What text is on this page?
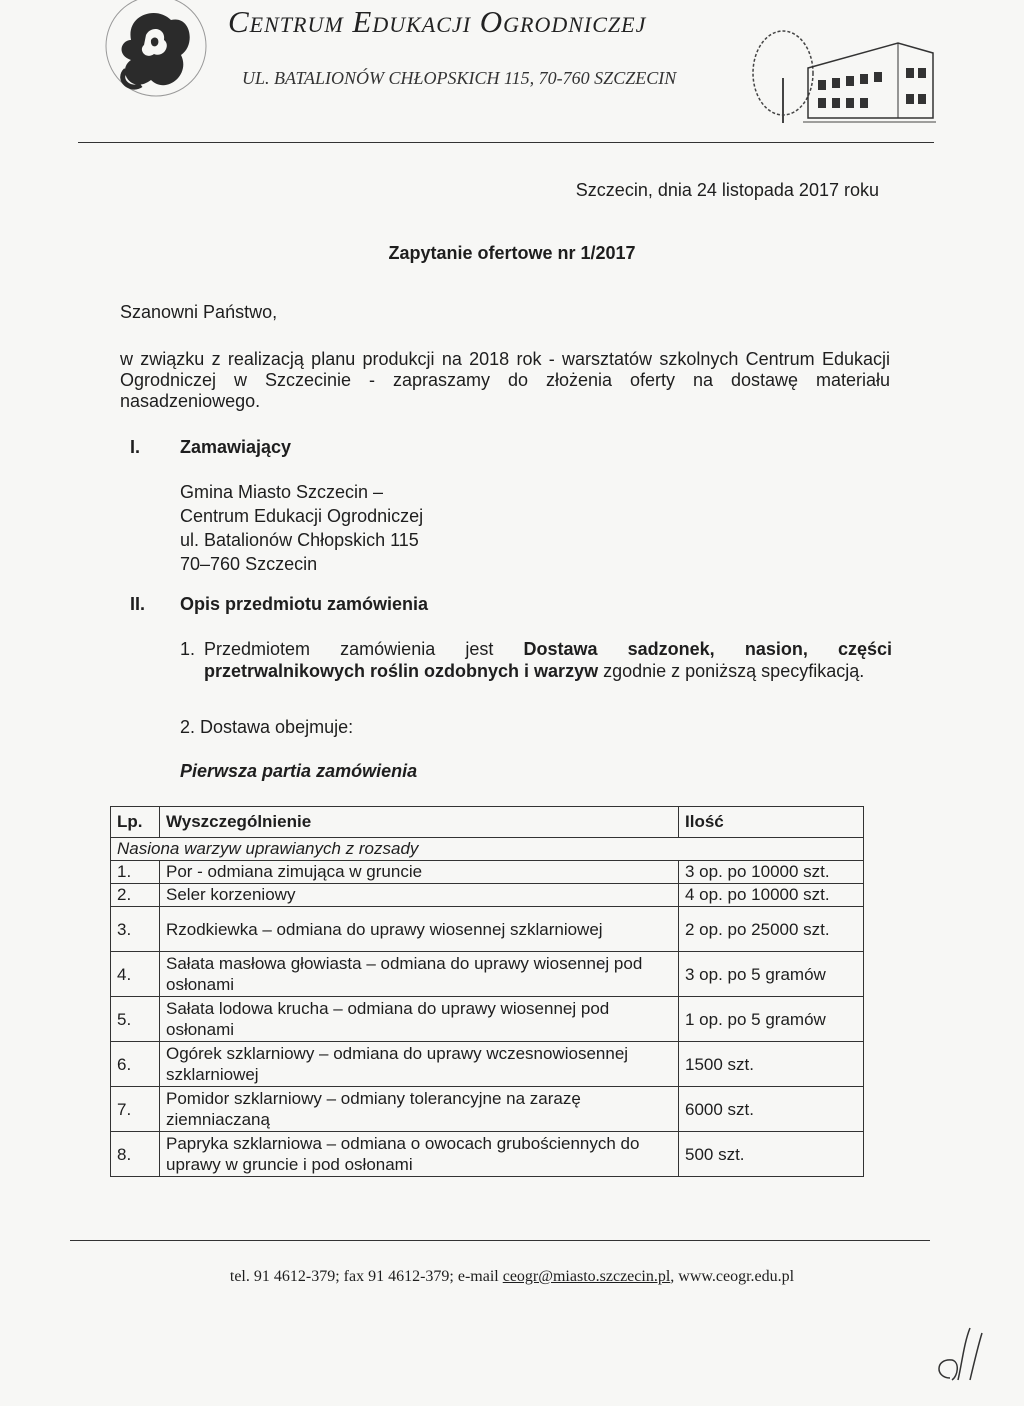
Centrum Edukacji Ogrodniczej
UL. BATALIONÓW CHŁOPSKICH 115, 70-760 SZCZECIN
Szczecin, dnia 24 listopada 2017 roku
Zapytanie ofertowe nr 1/2017
Szanowni Państwo,
w związku z realizacją planu produkcji na 2018 rok - warsztatów szkolnych Centrum Edukacji Ogrodniczej w Szczecinie - zapraszamy do złożenia oferty na dostawę materiału nasadzeniowego.
I. Zamawiający
Gmina Miasto Szczecin –
Centrum Edukacji Ogrodniczej
ul. Batalionów Chłopskich 115
70–760 Szczecin
II. Opis przedmiotu zamówienia
1. Przedmiotem zamówienia jest Dostawa sadzonek, nasion, części przetrwalnikowych roślin ozdobnych i warzyw zgodnie z poniższą specyfikacją.
2. Dostawa obejmuje:
Pierwsza partia zamówienia
Lp.	Wyszczególnienie	Ilość
Nasiona warzyw uprawianych z rozsady		
1.	Por - odmiana zimująca w gruncie	3 op. po 10000 szt.
2.	Seler korzeniowy	4 op. po 10000 szt.
3.	Rzodkiewka – odmiana do uprawy wiosennej szklarniowej	2 op. po 25000 szt.
4.	Sałata masłowa głowiasta – odmiana do uprawy wiosennej pod osłonami	3 op. po 5 gramów
5.	Sałata lodowa krucha – odmiana do uprawy wiosennej pod osłonami	1 op. po 5 gramów
6.	Ogórek szklarniowy – odmiana do uprawy wczesnowiosennej szklarniowej	1500 szt.
7.	Pomidor szklarniowy – odmiany tolerancyjne na zarazę ziemniaczaną	6000 szt.
8.	Papryka szklarniowa – odmiana o owocach grubościennych do uprawy w gruncie i pod osłonami	500 szt.
tel. 91 4612-379; fax 91 4612-379; e-mail ceogr@miasto.szczecin.pl, www.ceogr.edu.pl
